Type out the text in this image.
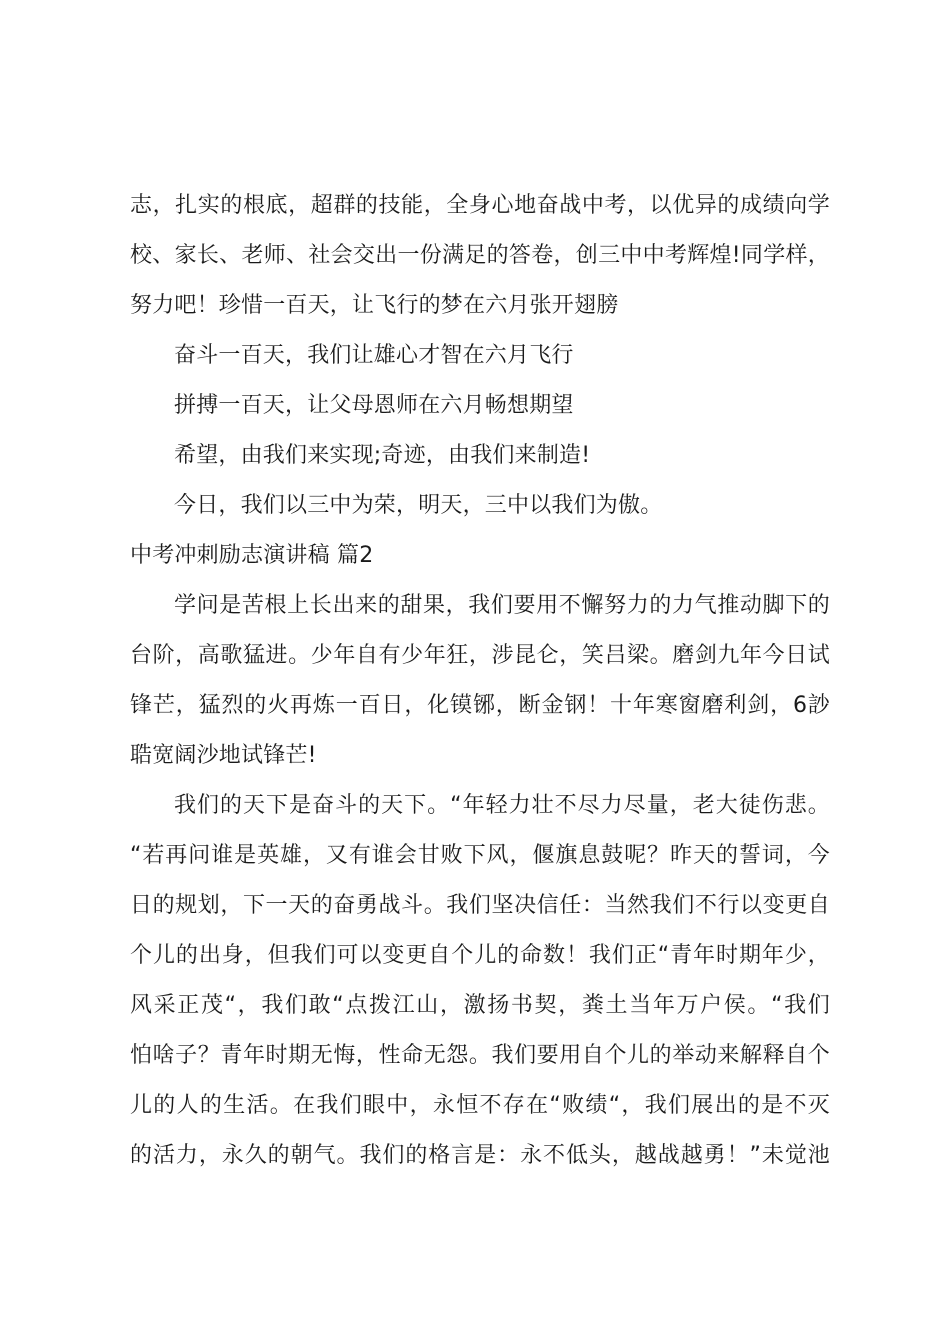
志，扎实的根底，超群的技能，全身心地奋战中考，以优异的成绩向学
校、家长、老师、社会交出一份满足的答卷，创三中中考辉煌!同学样，
努力吧！珍惜一百天，让飞行的梦在六月张开翅膀
奋斗一百天，我们让雄心才智在六月飞行
拼搏一百天，让父母恩师在六月畅想期望
希望，由我们来实现;奇迹，由我们来制造!
今日，我们以三中为荣，明天，三中以我们为傲。
中考冲刺励志演讲稿 篇2
学问是苦根上长出来的甜果，我们要用不懈努力的力气推动脚下的
台阶，高歌猛进。少年自有少年狂，涉昆仑，笑吕梁。磨剑九年今日试
锋芒，猛烈的火再炼一百日，化镆铘，断金钢！十年寒窗磨利剑，6訬
聕宽阔沙地试锋芒!
我们的天下是奋斗的天下。“年轻力壮不尽力尽量，老大徒伤悲。
“若再问谁是英雄，又有谁会甘败下风，偃旗息鼓呢？昨天的誓词，今
日的规划，下一天的奋勇战斗。我们坚决信任：当然我们不行以变更自
个儿的出身，但我们可以变更自个儿的命数！我们正“青年时期年少，
风采正茂“，我们敢“点拨江山，激扬书契，粪土当年万户侯。“我们
怕啥子？青年时期无悔，性命无怨。我们要用自个儿的举动来解释自个
儿的人的生活。在我们眼中，永恒不存在“败绩“，我们展出的是不灭
的活力，永久的朝气。我们的格言是：永不低头，越战越勇！”未觉池
